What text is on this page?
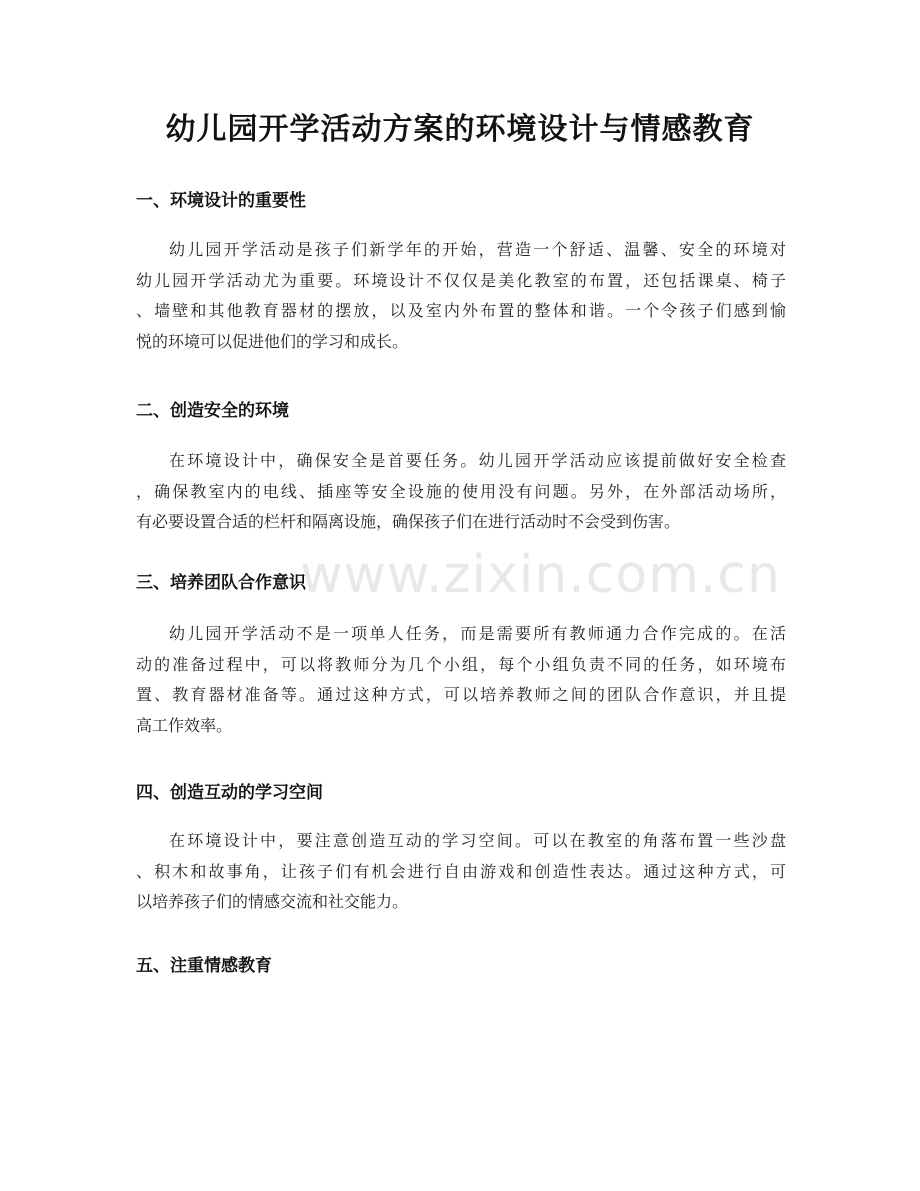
幼儿园开学活动方案的环境设计与情感教育
www.zixin.com.cn
一、环境设计的重要性
幼儿园开学活动是孩子们新学年的开始，营造一个舒适、温馨、安全的环境对
幼儿园开学活动尤为重要。环境设计不仅仅是美化教室的布置，还包括课桌、椅子
、墙壁和其他教育器材的摆放，以及室内外布置的整体和谐。一个令孩子们感到愉
悦的环境可以促进他们的学习和成长。
二、创造安全的环境
在环境设计中，确保安全是首要任务。幼儿园开学活动应该提前做好安全检查
，确保教室内的电线、插座等安全设施的使用没有问题。另外，在外部活动场所，
有必要设置合适的栏杆和隔离设施，确保孩子们在进行活动时不会受到伤害。
三、培养团队合作意识
幼儿园开学活动不是一项单人任务，而是需要所有教师通力合作完成的。在活
动的准备过程中，可以将教师分为几个小组，每个小组负责不同的任务，如环境布
置、教育器材准备等。通过这种方式，可以培养教师之间的团队合作意识，并且提
高工作效率。
四、创造互动的学习空间
在环境设计中，要注意创造互动的学习空间。可以在教室的角落布置一些沙盘
、积木和故事角，让孩子们有机会进行自由游戏和创造性表达。通过这种方式，可
以培养孩子们的情感交流和社交能力。
五、注重情感教育
